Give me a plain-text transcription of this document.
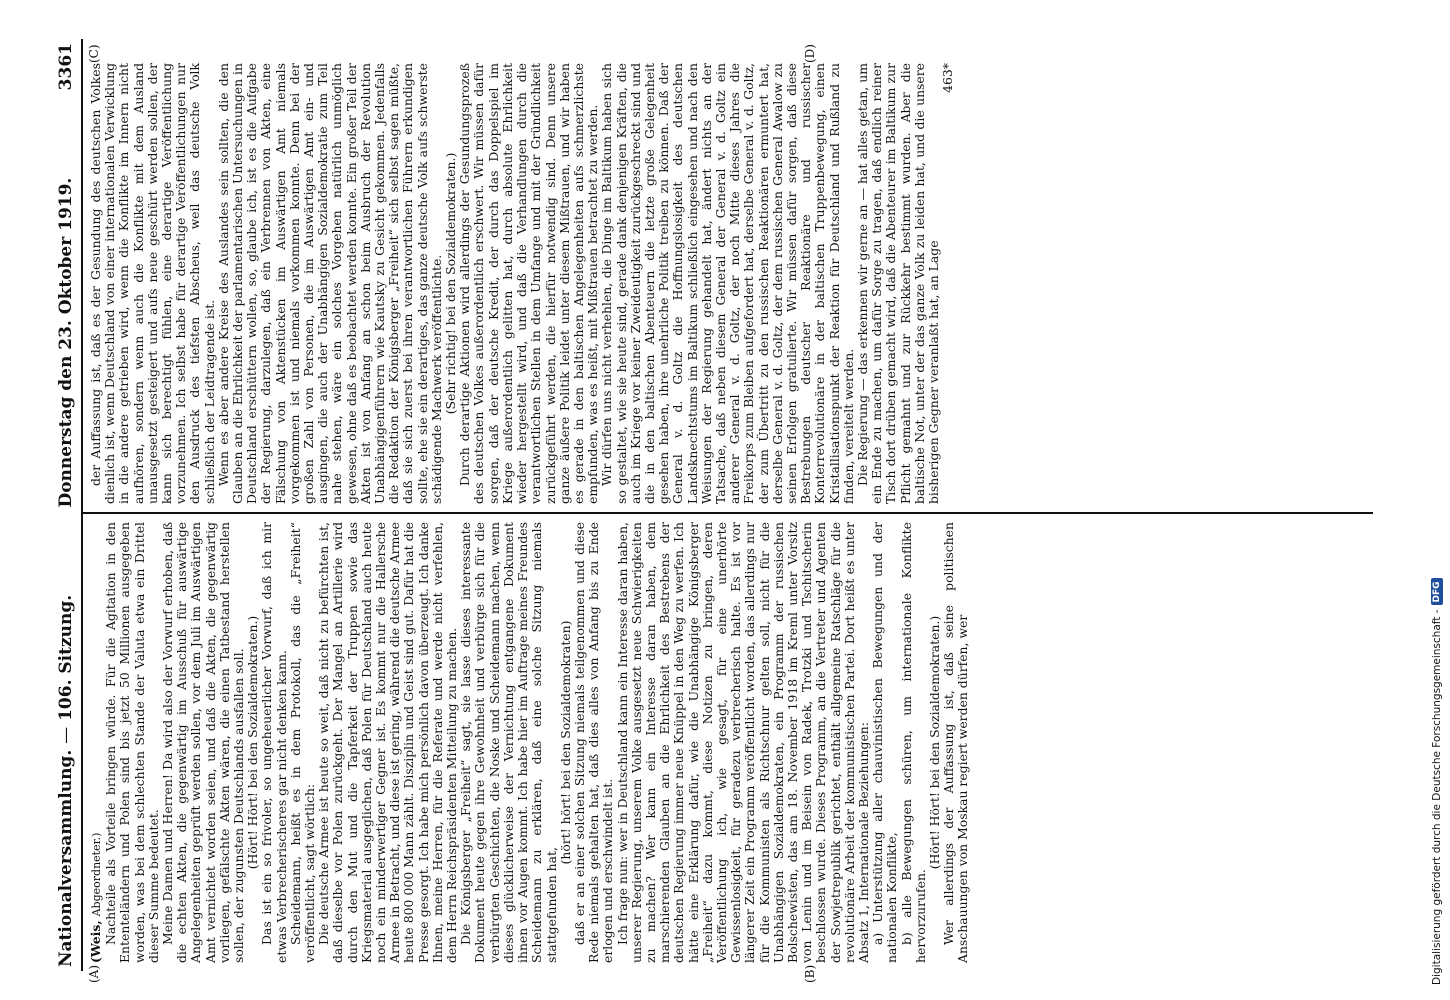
Nationalversammlung. — 106. Sitzung.
Donnerstag den 23. Oktober 1919.
3361

(Weis, Abgeordneter.) Nachteile als Vorteile bringen würde. Für die Agitation in den Ententeländern und Polen sind bis jetzt 50 Millionen ausgegeben worden, was bei dem schlechten Stande der Valuta etwa ein Drittel dieser Summe bedeutet. Meine Damen und Herren! Da wird also der Vorwurf erhoben, daß die echten Akten, die gegenwärtig im Ausschuß für auswärtige Angelegenheiten geprüft werden sollen, vor dem Juli im Auswärtigen Amt vernichtet worden seien, und daß die Akten, die gegenwärtig vorliegen, gefälschte Akten wären, die einen Tatbestand herstellen sollen, der zugunsten Deutschlands ausfallen soll. (Hört! Hört! bei den Sozialdemokraten.) Das ist ein so frivoler, so ungeheuerlicher Vorwurf, daß ich mir etwas Verbrecherischeres gar nicht denken kann. Scheidemann, heißt es in dem Protokoll, das die „Freiheit“ veröffentlicht, sagt wörtlich: Die deutsche Armee ist heute so weit, daß nicht zu befürchten ist, daß dieselbe vor Polen zurückgeht. Der Mangel an Artillerie wird durch den Mut und die Tapferkeit der Truppen sowie das Kriegsmaterial ausgeglichen, daß Polen für Deutschland auch heute noch ein minderwertiger Gegner ist. Es kommt nur die Hallersche Armee in Betracht, und diese ist gering, während die deutsche Armee heute 800 000 Mann zählt. Disziplin und Geist sind gut. Dafür hat die Presse gesorgt. Ich habe mich persönlich davon überzeugt. Ich danke Ihnen, meine Herren, für die Referate und werde nicht verfehlen, dem Herrn Reichspräsidenten Mitteilung zu machen. Die Königsberger „Freiheit“ sagt, sie lasse dieses interessante Dokument heute gegen ihre Gewohnheit und verbürge sich für die verbürgten Geschichten, die Noske und Scheidemann machen, wenn dieses glücklicherweise der Vernichtung entgangene Dokument ihnen vor Augen kommt. Ich habe hier im Auftrage meines Freundes Scheidemann zu erklären, daß eine solche Sitzung niemals stattgefunden hat,

(hört! hört! bei den Sozialdemokraten) daß er an einer solchen Sitzung niemals teilgenommen und diese Rede niemals gehalten hat, daß dies alles von Anfang bis zu Ende erlogen und erschwindelt ist. Ich frage nun: wer in Deutschland kann ein Interesse daran haben, unserer Regierung, unserem Volke ausgesetzt neue Schwierigkeiten zu machen? Wer kann ein Interesse daran haben, dem marschierenden Glauben an die Ehrlichkeit des Bestrebens der deutschen Regierung immer neue Knüppel in den Weg zu werfen. Ich hätte eine Erklärung dafür, wie die Unabhängige Königsberger „Freiheit“ dazu kommt, diese Notizen zu bringen, deren Veröffentlichung ich, wie gesagt, für eine unerhörte Gewissenlosigkeit, für geradezu verbrecherisch halte. Es ist vor längerer Zeit ein Programm veröffentlicht worden, das allerdings nur für die Kommunisten als Richtschnur gelten soll, nicht für die Unabhängigen Sozialdemokraten, ein Programm der russischen Bolschewisten, das am 18. November 1918 im Kreml unter Vorsitz von Lenin und im Beisein von Radek, Trotzki und Tschitscherin beschlossen wurde. Dieses Programm, an die Vertreter und Agenten der Sowjetrepublik gerichtet, enthält allgemeine Ratschläge für die revolutionäre Arbeit der kommunistischen Partei. Dort heißt es unter Absatz 1, Internationale Beziehungen: a) Unterstützung aller chauvinistischen Bewegungen und der nationalen Konflikte, b) alle Bewegungen schüren, um internationale Konflikte hervorzurufen.

(Hört! Hört! bei den Sozialdemokraten.) Wer allerdings der Auffassung ist, daß seine politischen Anschauungen von Moskau regiert werden dürfen, wer

der Auffassung ist, daß es der Gesundung des deutschen Volkes dienlich ist, wenn Deutschland von einer internationalen Verwicklung in die andere getrieben wird, wenn die Konflikte im Innern nicht aufhören, sondern wenn auch die Konflikte mit dem Ausland unausgesetzt gesteigert und aufs neue geschürt werden sollen, der kann sich berechtigt fühlen, eine derartige Veröffentlichung vorzunehmen. Ich selbst habe für derartige Veröffentlichungen nur den Ausdruck des tiefsten Abscheus, weil das deutsche Volk schließlich der Leidtragende ist. Wenn es aber andere Kreise des Auslandes sein sollten, die den Glauben an die Ehrlichkeit der parlamentarischen Untersuchungen in Deutschland erschüttern wollen, so, glaube ich, ist es die Aufgabe der Regierung, darzulegen, daß ein Verbrennen von Akten, eine Fälschung von Aktenstücken im Auswärtigen Amt niemals vorgekommen ist und niemals vorkommen konnte. Denn bei der großen Zahl von Personen, die im Auswärtigen Amt ein- und ausgingen, die auch der Unabhängigen Sozialdemokratie zum Teil nahe stehen, wäre ein solches Vorgehen natürlich unmöglich gewesen, ohne daß es beobachtet werden konnte. Ein großer Teil der Akten ist von Anfang an schon beim Ausbruch der Revolution Unabhängigenführern wie Kautsky zu Gesicht gekommen. Jedenfalls die Redaktion der Königsberger „Freiheit“ sich selbst sagen müßte, daß sie sich zuerst bei ihren verantwortlichen Führern erkundigen sollte, ehe sie ein derartiges, das ganze deutsche Volk aufs schwerste schädigende Machwerk veröffentlichte. (Sehr richtig! bei den Sozialdemokraten.) Durch derartige Aktionen wird allerdings der Gesundungsprozeß des deutschen Volkes außerordentlich erschwert. Wir müssen dafür sorgen, daß der deutsche Kredit, der durch das Doppelspiel im Kriege außerordentlich gelitten hat, durch absolute Ehrlichkeit wieder hergestellt wird, und daß die Verhandlungen durch die verantwortlichen Stellen in dem Umfange und mit der Gründlichkeit zurückgeführt werden, die hierfür notwendig sind. Denn unsere ganze äußere Politik leidet unter diesem Mißtrauen, und wir haben es gerade in den baltischen Angelegenheiten aufs schmerzlichste empfunden, was es heißt, mit Mißtrauen betrachtet zu werden. Wir dürfen uns nicht verhehlen, die Dinge im Baltikum haben sich so gestaltet, wie sie heute sind, gerade dank denjenigen Kräften, die auch im Kriege vor keiner Zweideutigkeit zurückgeschreckt sind und die in den baltischen Abenteuern die letzte große Gelegenheit gesehen haben, ihre unehrliche Politik treiben zu können. Daß der General v. d. Goltz die Hoffnungslosigkeit des deutschen Landsknechtstums im Baltikum schließlich eingesehen und nach den Weisungen der Regierung gehandelt hat, ändert nichts an der Tatsache, daß neben diesem General der General v. d. Goltz ein anderer General v. d. Goltz, der noch Mitte dieses Jahres die Freikorps zum Bleiben aufgefordert hat, derselbe General v. d. Goltz, der zum Übertritt zu den russischen Reaktionären ermuntert hat, derselbe General v. d. Goltz, der dem russischen General Awalow zu seinen Erfolgen gratulierte. Wir müssen dafür sorgen, daß diese Bestrebungen deutscher Reaktionäre und russischer Konterrevolutionäre in der baltischen Truppenbewegung, einen Kristallisationspunkt der Reaktion für Deutschland und Rußland zu finden, vereitelt werden. Die Regierung — das erkennen wir gerne an — hat alles getan, um ein Ende zu machen, um dafür Sorge zu tragen, daß endlich reiner Tisch dort drüben gemacht wird, daß die Abenteurer im Baltikum zur Pflicht gemahnt und zur Rückkehr bestimmt wurden. Aber die baltische Not, unter der das ganze Volk zu leiden hat, und die unsere bisherigen Gegner veranlaßt hat, an Lage

463*

(A)	(B)
(C)	(D)
Digitalisierung gefördert durch die Deutsche Forschungsgemeinschaft -
DFG
